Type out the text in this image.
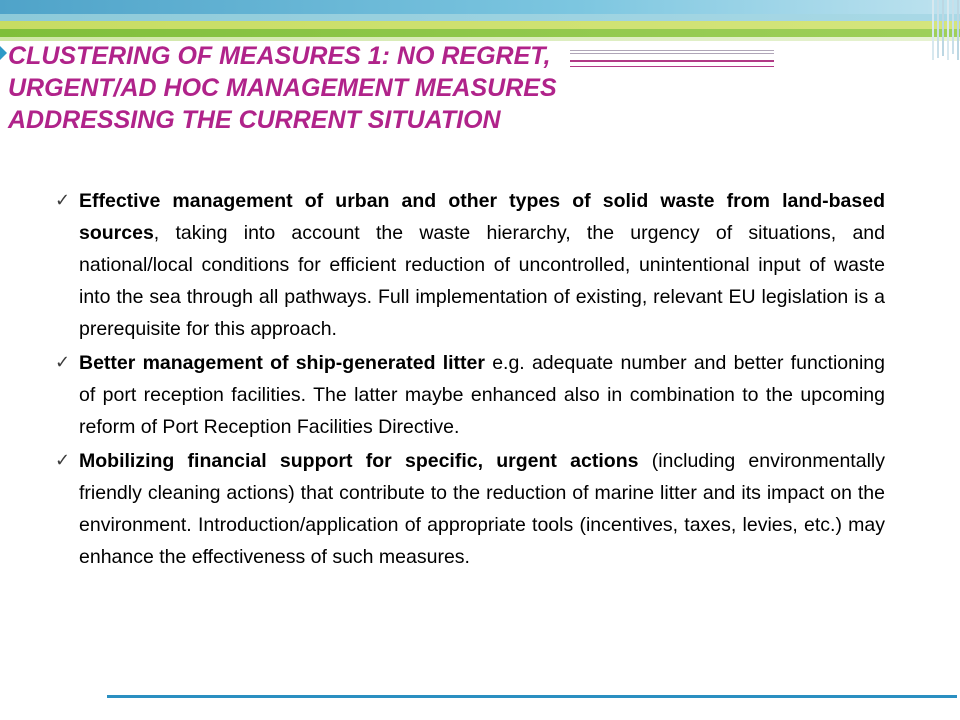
CLUSTERING OF MEASURES 1: NO REGRET,
URGENT/AD HOC MANAGEMENT MEASURES
ADDRESSING THE CURRENT SITUATION

✓ Effective management of urban and other types of solid waste from land-based sources, taking into account the waste hierarchy, the urgency of situations, and national/local conditions for efficient reduction of uncontrolled, unintentional input of waste into the sea through all pathways. Full implementation of existing, relevant EU legislation is a prerequisite for this approach.

✓ Better management of ship-generated litter e.g. adequate number and better functioning of port reception facilities. The latter maybe enhanced also in combination to the upcoming reform of Port Reception Facilities Directive.

✓ Mobilizing financial support for specific, urgent actions (including environmentally friendly cleaning actions) that contribute to the reduction of marine litter and its impact on the environment. Introduction/application of appropriate tools (incentives, taxes, levies, etc.) may enhance the effectiveness of such measures.
